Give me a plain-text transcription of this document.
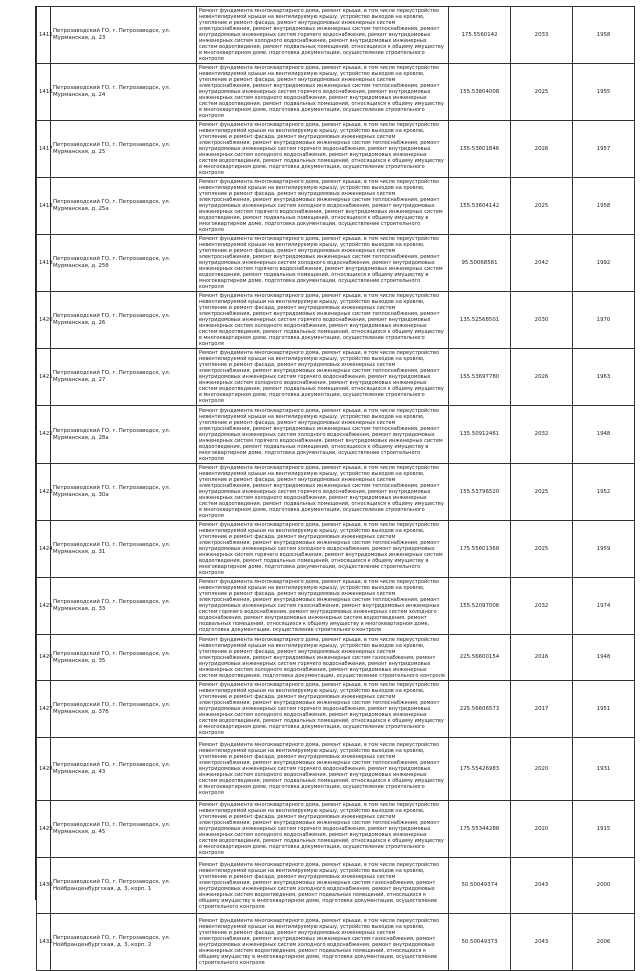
1415	Петрозаводский ГО, г. Петрозаводск, ул. Мурманская, д. 23	Ремонт фундамента многоквартирного дома, ремонт крыши, в том числе переустройство невентилируемой крыши на вентилируемую крышу, устройство выходов на кровлю, утепление и ремонт фасада, ремонт внутридомовых инженерных систем электроснабжения, ремонт внутридомовых инженерных систем теплоснабжения, ремонт внутридомовых инженерных систем горячего водоснабжения, ремонт внутридомовых инженерных систем холодного водоснабжения, ремонт внутридомовых инженерных систем водоотведения, ремонт подвальных помещений, относящихся к общему имуществу в многоквартирном доме, подготовка документации, осуществление строительного контроля	175.5560142	2033	1958
1416	Петрозаводский ГО, г. Петрозаводск, ул. Мурманская, д. 24	Ремонт фундамента многоквартирного дома, ремонт крыши, в том числе переустройство невентилируемой крыши на вентилируемую крышу, устройство выходов на кровлю, утепление и ремонт фасада, ремонт внутридомовых инженерных систем электроснабжения, ремонт внутридомовых инженерных систем теплоснабжения, ремонт внутридомовых инженерных систем горячего водоснабжения, ремонт внутридомовых инженерных систем холодного водоснабжения, ремонт внутридомовых инженерных систем водоотведения, ремонт подвальных помещений, относящихся к общему имуществу в многоквартирном доме, подготовка документации, осуществление строительного контроля	155.53804008	2025	1955
1417	Петрозаводский ГО, г. Петрозаводск, ул. Мурманская, д. 25	Ремонт фундамента многоквартирного дома, ремонт крыши, в том числе переустройство невентилируемой крыши на вентилируемую крышу, устройство выходов на кровлю, утепление и ремонт фасада, ремонт внутридомовых инженерных систем электроснабжения, ремонт внутридомовых инженерных систем теплоснабжения, ремонт внутридомовых инженерных систем горячего водоснабжения, ремонт внутридомовых инженерных систем холодного водоснабжения, ремонт внутридомовых инженерных систем водоотведения, ремонт подвальных помещений, относящихся к общему имуществу в многоквартирном доме, подготовка документации, осуществление строительного контроля	155.53601846	2026	1957
1418	Петрозаводский ГО, г. Петрозаводск, ул. Мурманская, д. 25а	Ремонт фундамента многоквартирного дома, ремонт крыши, в том числе переустройство невентилируемой крыши на вентилируемую крышу, устройство выходов на кровлю, утепление и ремонт фасада, ремонт внутридомовых инженерных систем электроснабжения, ремонт внутридомовых инженерных систем теплоснабжения, ремонт внутридомовых инженерных систем холодного водоснабжения, ремонт внутридомовых инженерных систем горячего водоснабжения, ремонт внутридомовых инженерных систем водоотведения, ремонт подвальных помещений, относящихся к общему имуществу в многоквартирном доме, подготовка документации, осуществление строительного контроля	155.53604142	2025	1958
1419	Петрозаводский ГО, г. Петрозаводск, ул. Мурманская, д. 25б	Ремонт фундамента многоквартирного дома, ремонт крыши, в том числе переустройство невентилируемой крыши на вентилируемую крышу, устройство выходов на кровлю, утепление и ремонт фасада, ремонт внутридомовых инженерных систем электроснабжения, ремонт внутридомовых инженерных систем теплоснабжения, ремонт внутридомовых инженерных систем холодного водоснабжения, ремонт внутридомовых инженерных систем горячего водоснабжения, ремонт внутридомовых инженерных систем водоотведения, ремонт подвальных помещений, относящихся к общему имуществу в многоквартирном доме, подготовка документации, осуществление строительного контроля	95.50068581	2042	1992
1420	Петрозаводский ГО, г. Петрозаводск, ул. Мурманская, д. 26	Ремонт фундамента многоквартирного дома, ремонт крыши, в том числе переустройство невентилируемой крыши на вентилируемую крышу, устройство выходов на кровлю, утепление и ремонт фасада, ремонт внутридомовых инженерных систем электроснабжения, ремонт внутридомовых инженерных систем теплоснабжения, ремонт внутридомовых инженерных систем горячего водоснабжения, ремонт внутридомовых инженерных систем холодного водоснабжения, ремонт внутридомовых инженерных систем водоотведения, ремонт подвальных помещений, относящихся к общему имуществу в многоквартирном доме, подготовка документации, осуществление строительного контроля	135.52568501	2030	1970
1421	Петрозаводский ГО, г. Петрозаводск, ул. Мурманская, д. 27	Ремонт фундамента многоквартирного дома, ремонт крыши, в том числе переустройство невентилируемой крыши на вентилируемую крышу, устройство выходов на кровлю, утепление и ремонт фасада, ремонт внутридомовых инженерных систем электроснабжения, ремонт внутридомовых инженерных систем теплоснабжения, ремонт внутридомовых инженерных систем горячего водоснабжения, ремонт внутридомовых инженерных систем холодного водоснабжения, ремонт внутридомовых инженерных систем водоотведения, ремонт подвальных помещений, относящихся к общему имуществу в многоквартирном доме, подготовка документации, осуществление строительного контроля	155.53697780	2026	1963
1422	Петрозаводский ГО, г. Петрозаводск, ул. Мурманская, д. 28а	Ремонт фундамента многоквартирного дома, ремонт крыши, в том числе переустройство невентилируемой крыши на вентилируемую крышу, устройство выходов на кровлю, утепление и ремонт фасада, ремонт внутридомовых инженерных систем электроснабжения, ремонт внутридомовых инженерных систем теплоснабжения, ремонт внутридомовых инженерных систем холодного водоснабжения, ремонт внутридомовых инженерных систем горячего водоснабжения, ремонт внутридомовых инженерных систем водоотведения, ремонт подвальных помещений, относящихся к общему имуществу в многоквартирном доме, подготовка документации, осуществление строительного контроля	135.50912461	2032	1948
1423	Петрозаводский ГО, г. Петрозаводск, ул. Мурманская, д. 30а	Ремонт фундамента многоквартирного дома, ремонт крыши, в том числе переустройство невентилируемой крыши на вентилируемую крышу, устройство выходов на кровлю, утепление и ремонт фасада, ремонт внутридомовых инженерных систем электроснабжения, ремонт внутридомовых инженерных систем теплоснабжения, ремонт внутридомовых инженерных систем горячего водоснабжения, ремонт внутридомовых инженерных систем холодного водоснабжения, ремонт внутридомовых инженерных систем водоотведения, ремонт подвальных помещений, относящихся к общему имуществу в многоквартирном доме, подготовка документации, осуществление строительного контроля	155.53796520	2025	1952
1424	Петрозаводский ГО, г. Петрозаводск, ул. Мурманская, д. 31	Ремонт фундамента многоквартирного дома, ремонт крыши, в том числе переустройство невентилируемой крыши на вентилируемую крышу, устройство выходов на кровлю, утепление и ремонт фасада, ремонт внутридомовых инженерных систем электроснабжения, ремонт внутридомовых инженерных систем теплоснабжения, ремонт внутридомовых инженерных систем холодного водоснабжения, ремонт внутридомовых инженерных систем горячего водоснабжения, ремонт внутридомовых инженерных систем водоотведения, ремонт подвальных помещений, относящихся к общему имуществу в многоквартирном доме, подготовка документации, осуществление строительного контроля	175.55601368	2025	1959
1425	Петрозаводский ГО, г. Петрозаводск, ул. Мурманская, д. 33	Ремонт фундамента многоквартирного дома, ремонт крыши, в том числе переустройство невентилируемой крыши на вентилируемую крышу, устройство выходов на кровлю, утепление и ремонт фасада, ремонт внутридомовых инженерных систем электроснабжения, ремонт внутридомовых инженерных систем теплоснабжения, ремонт внутридомовых инженерных систем газоснабжения, ремонт внутридомовых инженерных систем горячего водоснабжения, ремонт внутридомовых инженерных систем холодного водоснабжения, ремонт внутридомовых инженерных систем водоотведения, ремонт подвальных помещений, относящихся к общему имуществу в многоквартирном доме, подготовка документации, осуществление строительного контроля	155.52097006	2032	1974
1426	Петрозаводский ГО, г. Петрозаводск, ул. Мурманская, д. 35	Ремонт фундамента многоквартирного дома, ремонт крыши, в том числе переустройство невентилируемой крыши на вентилируемую крышу, устройство выходов на кровлю, утепление и ремонт фасада, ремонт внутридомовых инженерных систем электроснабжения, ремонт внутридомовых инженерных систем газоснабжения, ремонт внутридомовых инженерных систем горячего водоснабжения, ремонт внутридомовых инженерных систем холодного водоснабжения, ремонт внутридомовых инженерных систем водоотведения, подготовка документации, осуществление строительного контроля	225.56600154	2016	1948
1427	Петрозаводский ГО, г. Петрозаводск, ул. Мурманская, д. 37б	Ремонт фундамента многоквартирного дома, ремонт крыши, в том числе переустройство невентилируемой крыши на вентилируемую крышу, устройство выходов на кровлю, утепление и ремонт фасада, ремонт внутридомовых инженерных систем электроснабжения, ремонт внутридомовых инженерных систем теплоснабжения, ремонт внутридомовых инженерных систем горячего водоснабжения, ремонт внутридомовых инженерных систем холодного водоснабжения, ремонт внутридомовых инженерных систем водоотведения, ремонт подвальных помещений, относящихся к общему имуществу в многоквартирном доме, подготовка документации, осуществление строительного контроля	225.56606573	2017	1951
1428	Петрозаводский ГО, г. Петрозаводск, ул. Мурманская, д. 43	Ремонт фундамента многоквартирного дома, ремонт крыши, в том числе переустройство невентилируемой крыши на вентилируемую крышу, устройство выходов на кровлю, утепление и ремонт фасада, ремонт внутридомовых инженерных систем электроснабжения, ремонт внутридомовых инженерных систем теплоснабжения, ремонт внутридомовых инженерных систем горячего водоснабжения, ремонт внутридомовых инженерных систем холодного водоснабжения, ремонт внутридомовых инженерных систем водоотведения, ремонт подвальных помещений, относящихся к общему имуществу в многоквартирном доме, подготовка документации, осуществление строительного контроля	175.55426983	2020	1931
1429	Петрозаводский ГО, г. Петрозаводск, ул. Мурманская, д. 45	Ремонт фундамента многоквартирного дома, ремонт крыши, в том числе переустройство невентилируемой крыши на вентилируемую крышу, устройство выходов на кровлю, утепление и ремонт фасада, ремонт внутридомовых инженерных систем электроснабжения, ремонт внутридомовых инженерных систем теплоснабжения, ремонт внутридомовых инженерных систем горячего водоснабжения, ремонт внутридомовых инженерных систем холодного водоснабжения, ремонт внутридомовых инженерных систем водоотведения, ремонт подвальных помещений, относящихся к общему имуществу в многоквартирном доме, подготовка документации, осуществление строительного контроля	175.55344288	2020	1915
1430	Петрозаводский ГО, г. Петрозаводск, ул. Нойбранденбургская, д. 3, корп. 1	Ремонт фундамента многоквартирного дома, ремонт крыши, в том числе переустройство невентилируемой крыши на вентилируемую крышу, устройство выходов на кровлю, утепление и ремонт фасада, ремонт внутридомовых инженерных систем электроснабжения, ремонт внутридомовых инженерных систем газоснабжения, ремонт внутридомовых инженерных систем холодного водоснабжения, ремонт внутридомовых инженерных систем водоотведения, ремонт подвальных помещений, относящихся к общему имуществу в многоквартирном доме, подготовка документации, осуществление строительного контроля	50.50049374	2043	2000
1431	Петрозаводский ГО, г. Петрозаводск, ул. Нойбранденбургская, д. 3, корп. 2	Ремонт фундамента многоквартирного дома, ремонт крыши, в том числе переустройство невентилируемой крыши на вентилируемую крышу, устройство выходов на кровлю, утепление и ремонт фасада, ремонт внутридомовых инженерных систем электроснабжения, ремонт внутридомовых инженерных систем газоснабжения, ремонт внутридомовых инженерных систем холодного водоснабжения, ремонт внутридомовых инженерных систем водоотведения, ремонт подвальных помещений, относящихся к общему имуществу в многоквартирном доме, подготовка документации, осуществление строительного контроля	50.50049373	2043	2006
